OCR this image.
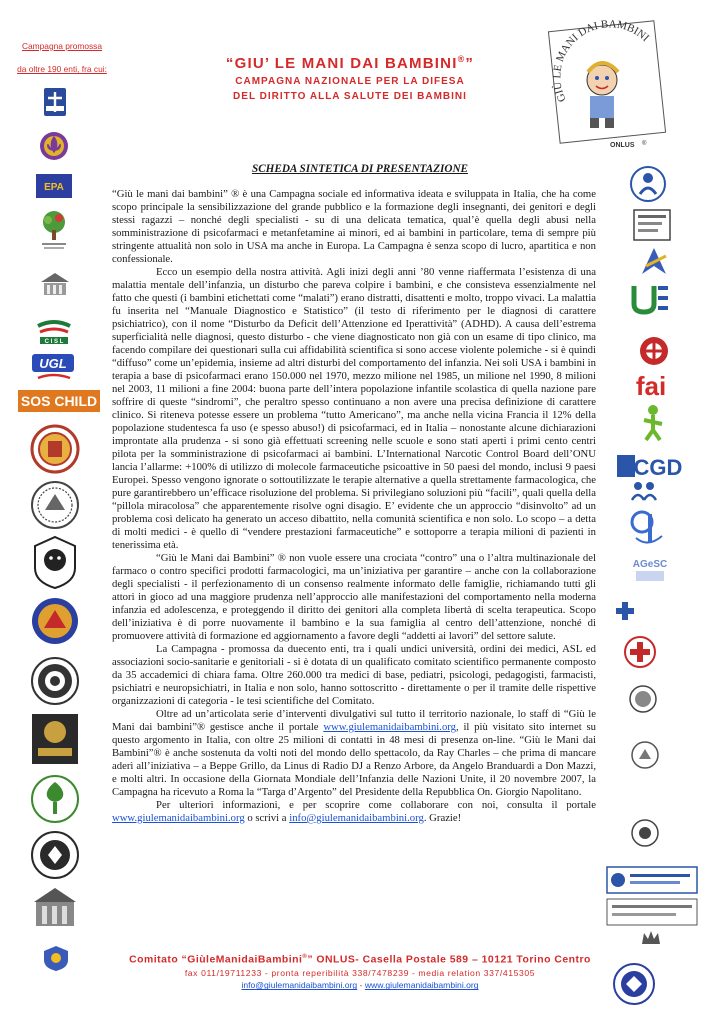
Campagna promossa
da oltre 190 enti, fra cui:
EPA
C I S L
UGL
SOS CHILD	fai
CGD
AGeSC
“GIU’ LE MANI DAI BAMBINI®”
CAMPAGNA NAZIONALE PER LA DIFESA
DEL DIRITTO ALLA SALUTE DEI BAMBINI	GIÙ LE MANI DAI BAMBINI
ONLUS ®
SCHEDA SINTETICA DI PRESENTAZIONE

“Giù le mani dai bambini” ® è una Campagna sociale ed informativa ideata e sviluppata in Italia, che ha come scopo principale la sensibilizzazione del grande pubblico e la formazione degli insegnanti, dei genitori e degli stessi ragazzi – nonché degli specialisti - su di una delicata tematica, qual’è quella degli abusi nella somministrazione di psicofarmaci e metanfetamine ai minori, ed ai bambini in particolare, tema di sempre più stringente attualità non solo in USA ma anche in Europa. La Campagna è senza scopo di lucro, apartitica e non confessionale.

Ecco un esempio della nostra attività. Agli inizi degli anni ’80 venne riaffermata l’esistenza di una malattia mentale dell’infanzia, un disturbo che pareva colpire i bambini, e che consisteva essenzialmente nel fatto che questi (i bambini etichettati come “malati”) erano distratti, disattenti e molto, troppo vivaci. La malattia fu inserita nel “Manuale Diagnostico e Statistico” (il testo di riferimento per le diagnosi di carattere psichiatrico), con il nome “Disturbo da Deficit dell’Attenzione ed Iperattività” (ADHD). A causa dell’estrema superficialità nelle diagnosi, questo disturbo - che viene diagnosticato non già con un esame di tipo clinico, ma facendo compilare dei questionari sulla cui affidabilità scientifica si sono accese violente polemiche - si è quindi “diffuso” come un’epidemia, insieme ad altri disturbi del comportamento del infanzia. Nei soli USA i bambini in terapia a base di psicofarmaci erano 150.000 nel 1970, mezzo milione nel 1985, un milione nel 1990, 8 milioni nel 2003, 11 milioni a fine 2004: buona parte dell’intera popolazione infantile scolastica di quella nazione pare soffrire di queste “sindromi”, che peraltro spesso continuano a non avere una precisa definizione di carattere clinico. Si riteneva potesse essere un problema “tutto Americano”, ma anche nella vicina Francia il 12% della popolazione studentesca fa uso (e spesso abuso!) di psicofarmaci, ed in Italia – nonostante alcune dichiarazioni improntate alla prudenza - si sono già effettuati screening nelle scuole e sono stati aperti i primi cento centri pilota per la somministrazione di psicofarmaci ai bambini. L’International Narcotic Control Board dell’ONU lancia l’allarme: +100% di utilizzo di molecole farmaceutiche psicoattive in 50 paesi del mondo, inclusi 9 paesi Europei. Spesso vengono ignorate o sottoutilizzate le terapie alternative a quella strettamente farmacologica, che pure garantirebbero un’efficace risoluzione del problema. Si privilegiano soluzioni più “facili”, quali quella della “pillola miracolosa” che apparentemente risolve ogni disagio. E’ evidente che un approccio “disinvolto” ad un problema così delicato ha generato un acceso dibattito, nella comunità scientifica e non solo. Lo scopo – a detta di molti medici - è quello di “vendere prestazioni farmaceutiche” e sottoporre a terapia milioni di pazienti in tenerissima età.

“Giù le Mani dai Bambini” ® non vuole essere una crociata “contro” una o l’altra multinazionale del farmaco o contro specifici prodotti farmacologici, ma un’iniziativa per garantire – anche con la collaborazione degli specialisti - il perfezionamento di un consenso realmente informato delle famiglie, richiamando tutti gli attori in gioco ad una maggiore prudenza nell’approccio alle manifestazioni del comportamento nella moderna infanzia ed adolescenza, e proteggendo il diritto dei genitori alla completa libertà di scelta terapeutica. Scopo dell’iniziativa è di porre nuovamente il bambino e la sua famiglia al centro dell’attenzione, nonché di promuovere attività di formazione ed aggiornamento a favore degli “addetti ai lavori” del settore salute.

La Campagna - promossa da duecento enti, tra i quali undici università, ordini dei medici, ASL ed associazioni socio-sanitarie e genitoriali - si è dotata di un qualificato comitato scientifico permanente composto da 35 accademici di chiara fama. Oltre 260.000 tra medici di base, pediatri, psicologi, pedagogisti, farmacisti, psichiatri e neuropsichiatri, in Italia e non solo, hanno sottoscritto - direttamente o per il tramite delle rispettive organizzazioni di categoria - le tesi scientifiche del Comitato.

Oltre ad un’articolata serie d’interventi divulgativi sul tutto il territorio nazionale, lo staff di “Giù le Mani dai bambini”® gestisce anche il portale www.giulemanidaibambini.org, il più visitato sito internet su questo argomento in Italia, con oltre 25 milioni di contatti in 48 mesi di presenza on-line. “Giù le Mani dai Bambini”® è anche sostenuta da volti noti del mondo dello spettacolo, da Ray Charles – che prima di mancare aderì all’iniziativa – a Beppe Grillo, da Linus di Radio DJ a Renzo Arbore, da Angelo Branduardi a Don Mazzi, e molti altri. In occasione della Giornata Mondiale dell’Infanzia delle Nazioni Unite, il 20 novembre 2007, la Campagna ha ricevuto a Roma la “Targa d’Argento” del Presidente della Repubblica On. Giorgio Napolitano.

Per ulteriori informazioni, e per scoprire come collaborare con noi, consulta il portale www.giulemanidaibambini.org o scrivi a info@giulemanidaibambini.org. Grazie!

Comitato “GiùleManidaiBambini®” ONLUS- Casella Postale 589 – 10121 Torino Centro
fax 011/19711233 - pronta reperibilità 338/7478239 - media relation 337/415305
info@giulemanidaibambini.org - www.giulemanidaibambini.org
